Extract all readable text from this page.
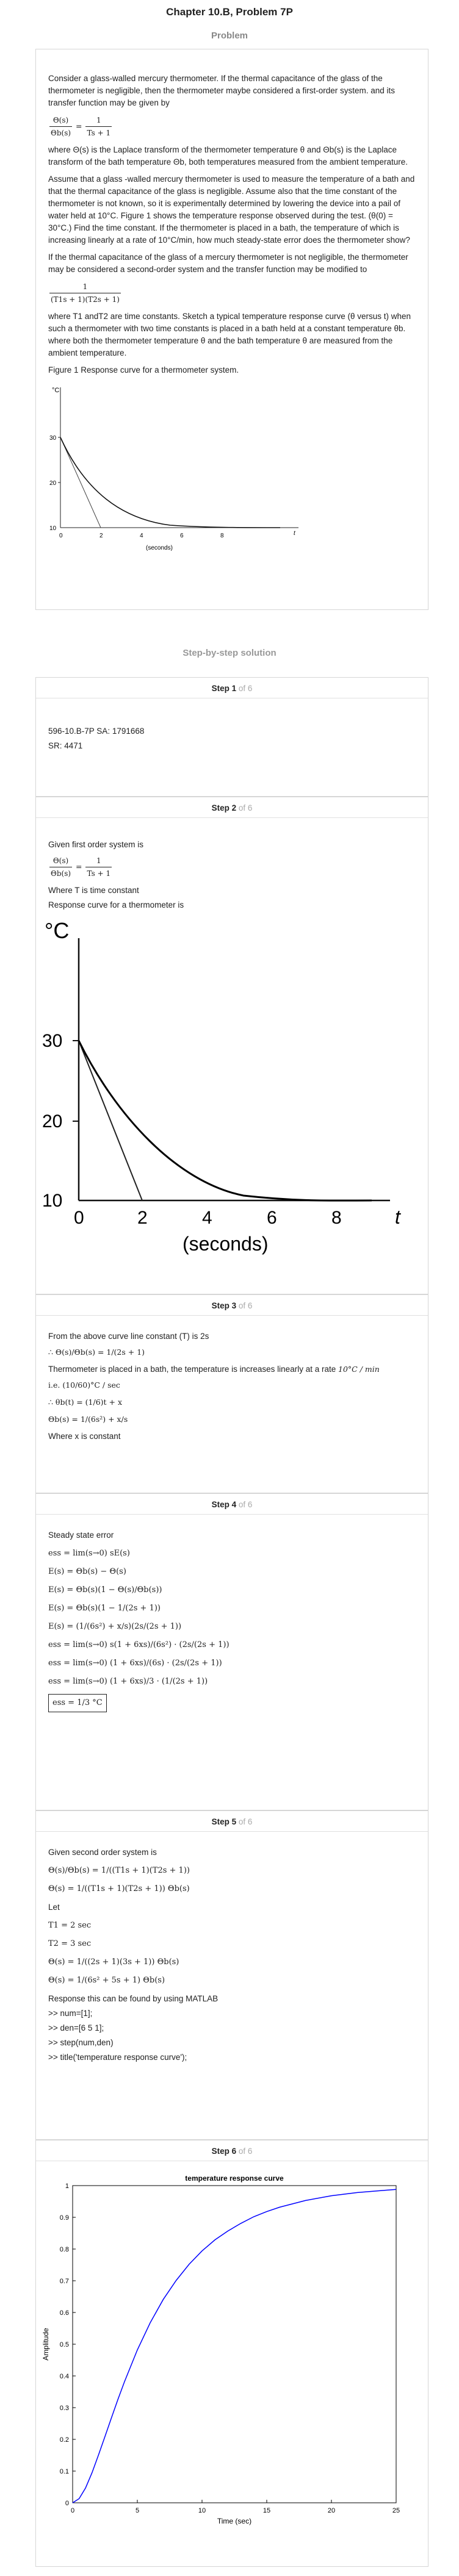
Chapter 10.B, Problem 7P
Problem

Consider a glass-walled mercury thermometer. If the thermal capacitance of the glass of the thermometer is negligible, then the thermometer maybe considered a first-order system. and its transfer function may be given by

$\frac{\Theta(s)}{\Theta b(s)} = \frac{1}{Ts + 1}$

where Θ(s) is the Laplace transform of the thermometer temperature θ and Θb(s) is the Laplace transform of the bath temperature Θb, both temperatures measured from the ambient temperature.

Assume that a glass -walled mercury thermometer is used to measure the temperature of a bath and that the thermal capacitance of the glass is negligible. Assume also that the time constant of the thermometer is not known, so it is experimentally determined by lowering the device into a pail of water held at 10°C. Figure 1 shows the temperature response observed during the test. (θ(0) = 30°C.) Find the time constant. If the thermometer is placed in a bath, the temperature of which is increasing linearly at a rate of 10°C/min, how much steady-state error does the thermometer show?

If the thermal capacitance of the glass of a mercury thermometer is not negligible, the thermometer may be considered a second-order system and the transfer function may be modified to

$\frac{1}{(T1s + 1)(T2s + 1)}$

where T1 andT2 are time constants. Sketch a typical temperature response curve (θ versus t) when such a thermometer with two time constants is placed in a bath held at a constant temperature θb. where both the thermometer temperature θ and the bath temperature θ are measured from the ambient temperature.

Figure 1 Response curve for a thermometer system.

°C
10
20
30
0	2	4	6	8	t
(seconds)
Step-by-step solution
Step 1 of 6
596-10.B-7P SA: 1791668
SR: 4471
Step 2 of 6
Given first order system is
$\frac{\Theta(s)}{\Theta b(s)} = \frac{1}{Ts + 1}$
Where T is time constant
Response curve for a thermometer is
°C
10
20
30
0	2	4	6	8	t
(seconds)
Step 3 of 6
From the above curve line constant (T) is 2s
∴ Θ(s)/Θb(s) = 1/(2s + 1)
Thermometer is placed in a bath, the temperature is increases linearly at a rate 10°C / min
i.e. (10/60)°C / sec
∴ θb(t) = (1/6)t + x
Θb(s) = 1/(6s²) + x/s
Where x is constant
Step 4 of 6
Steady state error
ess = lim(s→0) sE(s)
E(s) = Θb(s) − Θ(s)
E(s) = Θb(s)(1 − Θ(s)/Θb(s))
E(s) = Θb(s)(1 − 1/(2s + 1))
E(s) = (1/(6s²) + x/s)(2s/(2s + 1))
ess = lim(s→0) s(1 + 6xs)/(6s²) · (2s/(2s + 1))
ess = lim(s→0) (1 + 6xs)/(6s) · (2s/(2s + 1))
ess = lim(s→0) (1 + 6xs)/3 · (1/(2s + 1))
ess = 1/3 °C
Step 5 of 6
Given second order system is
Θ(s)/Θb(s) = 1/((T1s + 1)(T2s + 1))
Θ(s) = 1/((T1s + 1)(T2s + 1)) Θb(s)
Let
T1 = 2 sec
T2 = 3 sec
Θ(s) = 1/((2s + 1)(3s + 1)) Θb(s)
Θ(s) = 1/(6s² + 5s + 1) Θb(s)
Response this can be found by using MATLAB
>> num=[1];
>> den=[6 5 1];
>> step(num,den)
>> title('temperature response curve');
Step 6 of 6
temperature response curve
0	5	10	15	20	25
0
0.1
0.2
0.3
0.4
0.5
0.6
0.7
0.8
0.9
1
Time (sec)
Amplitude
